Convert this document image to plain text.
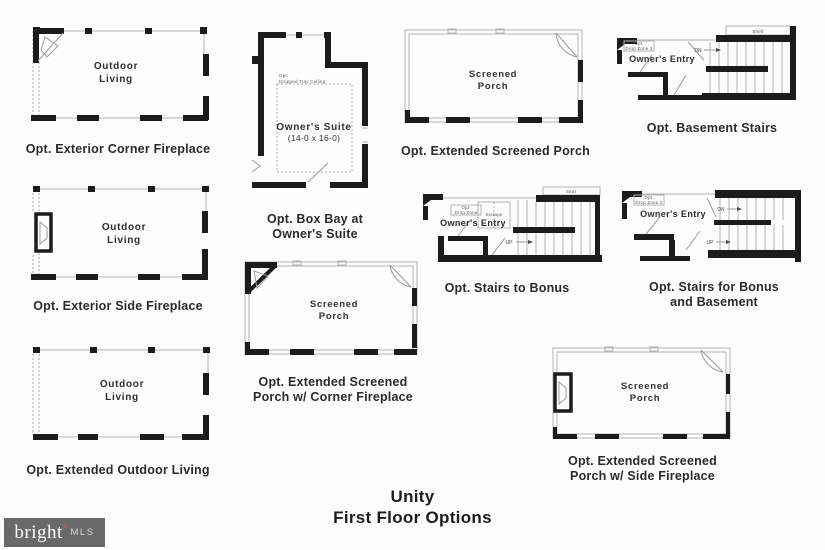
Outdoor
Living
Opt. Exterior Corner Fireplace
Opt.
Dropped Tray Ceiling
Owner's Suite
(14-0 x 16-0)
Opt. Box Bay at
Owner's Suite
Screened
Porch
Opt. Extended Screened Porch
Shelf
DN
Opt.
Drop Zone 2
Owner's Entry
Opt. Basement Stairs
Outdoor
Living
Opt. Exterior Side Fireplace	Screened
Porch
Opt. Extended Screened
Porch w/ Corner Fireplace
Seat
Storage
UP
Opt.
Drop Zone
Owner's Entry
Opt. Stairs to Bonus
DN
UP
Opt.
Drop Zone 2
Owner's Entry
Opt. Stairs for Bonus
and Basement
Outdoor
Living
Opt. Extended Outdoor Living
Screened
Porch
Opt. Extended Screened
Porch w/ Side Fireplace
Unity
First Floor Options
bright ✶
MLS
